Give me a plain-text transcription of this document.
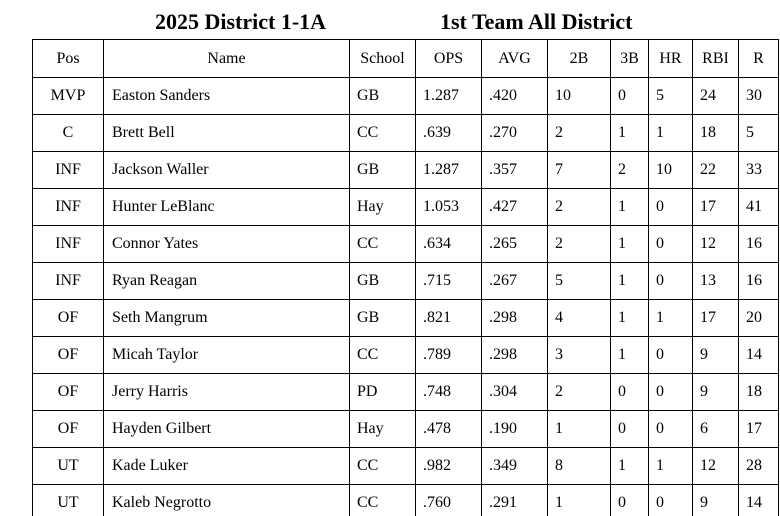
2025 District 1-1A	1st Team All District
Pos	Name	School	OPS	AVG	2B	3B	HR	RBI	R
MVP	Easton Sanders	GB	1.287	.420	10	0	5	24	30
C	Brett Bell	CC	.639	.270	2	1	1	18	5
INF	Jackson Waller	GB	1.287	.357	7	2	10	22	33
INF	Hunter LeBlanc	Hay	1.053	.427	2	1	0	17	41
INF	Connor Yates	CC	.634	.265	2	1	0	12	16
INF	Ryan Reagan	GB	.715	.267	5	1	0	13	16
OF	Seth Mangrum	GB	.821	.298	4	1	1	17	20
OF	Micah Taylor	CC	.789	.298	3	1	0	9	14
OF	Jerry Harris	PD	.748	.304	2	0	0	9	18
OF	Hayden Gilbert	Hay	.478	.190	1	0	0	6	17
UT	Kade Luker	CC	.982	.349	8	1	1	12	28
UT	Kaleb Negrotto	CC	.760	.291	1	0	0	9	14
